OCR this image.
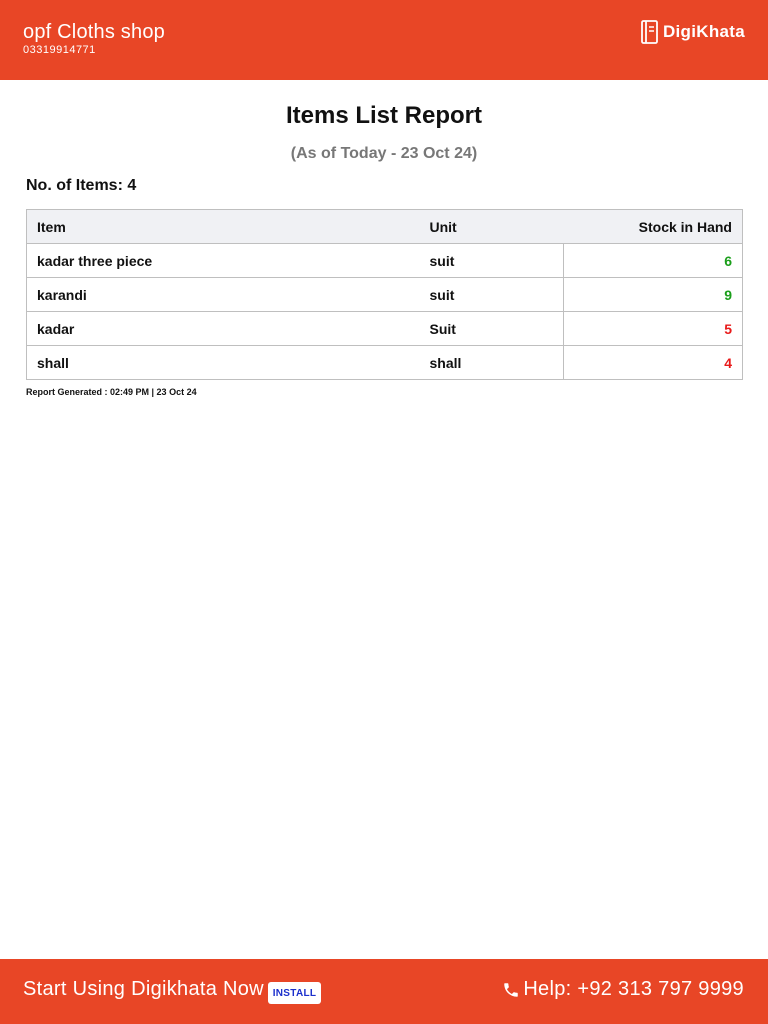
opf Cloths shop
03319914771
DigiKhata
Items List Report
(As of Today - 23 Oct 24)
No. of Items: 4
Item	Unit	Stock in Hand
kadar three piece	suit	6
karandi	suit	9
kadar	Suit	5
shall	shall	4
Report Generated : 02:49 PM | 23 Oct 24
Start Using Digikhata Now INSTALL	Help: +92 313 797 9999
